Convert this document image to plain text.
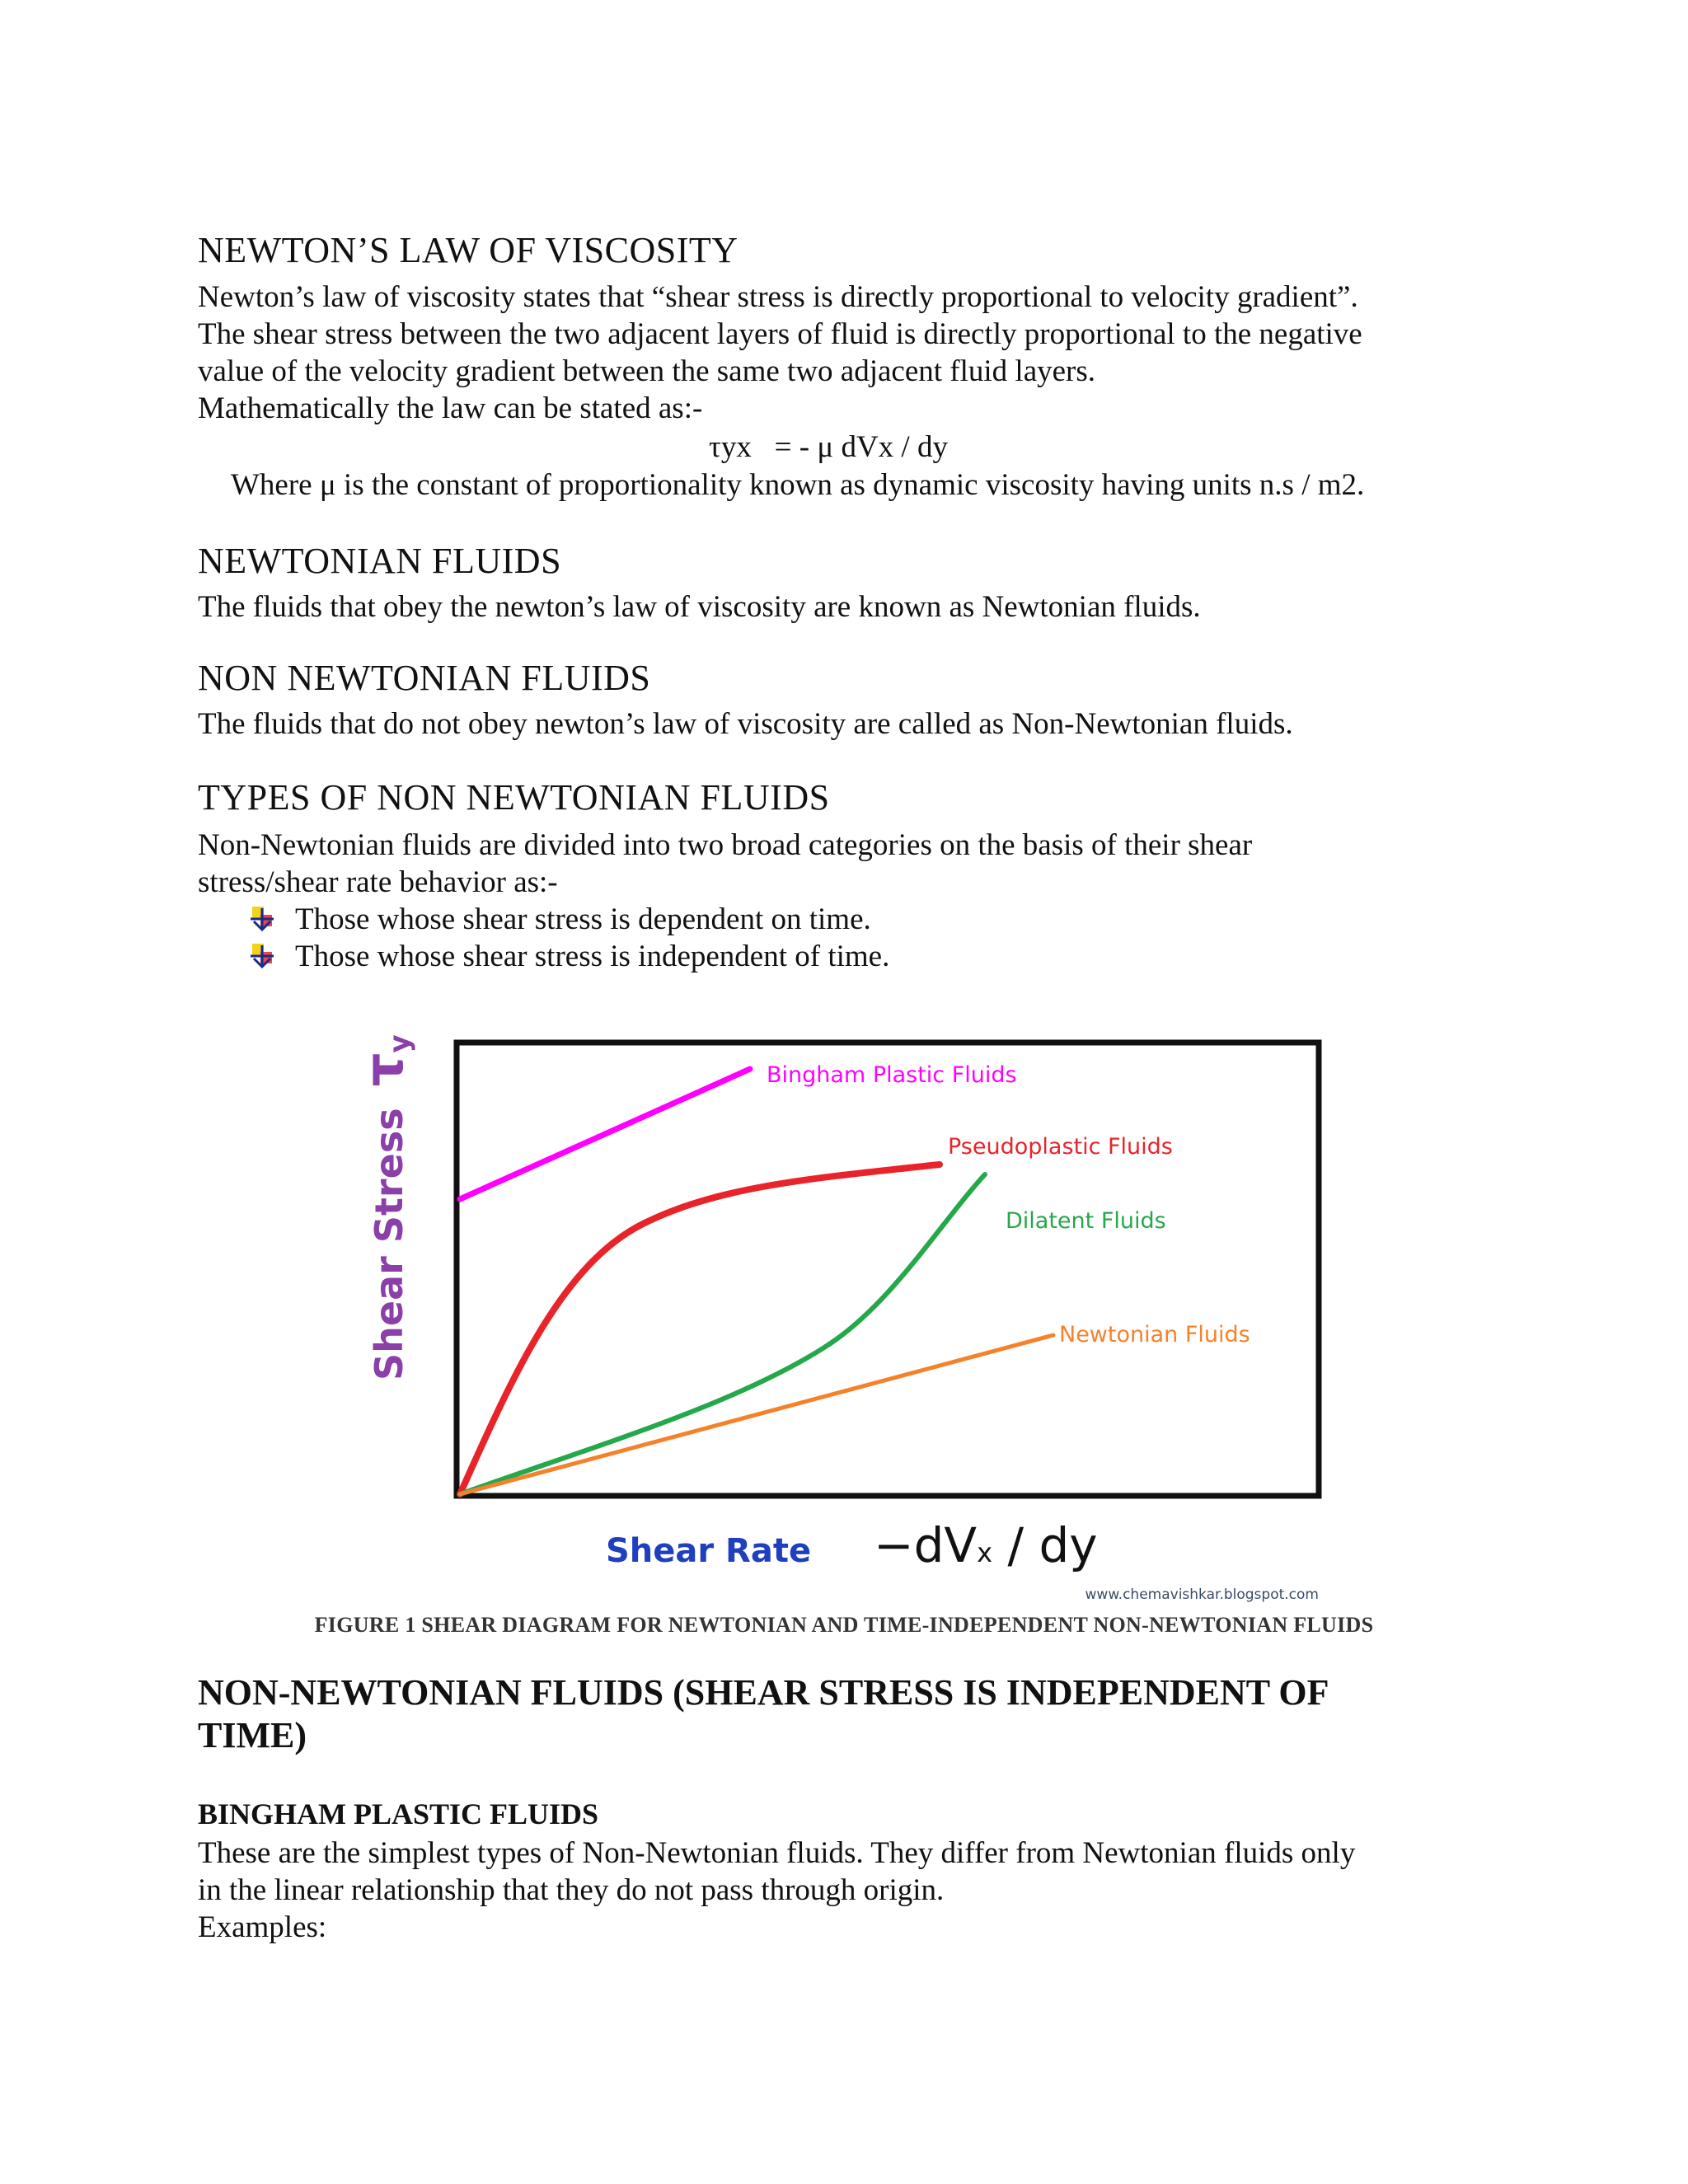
NEWTON’S LAW OF VISCOSITY

Newton’s law of viscosity states that “shear stress is directly proportional to velocity gradient”.

The shear stress between the two adjacent layers of fluid is directly proportional to the negative

value of the velocity gradient between the same two adjacent fluid layers.

Mathematically the law can be stated as:-

τyx   = - μ dVx / dy

Where μ is the constant of proportionality known as dynamic viscosity having units n.s / m2.

NEWTONIAN FLUIDS

The fluids that obey the newton’s law of viscosity are known as Newtonian fluids.

NON NEWTONIAN FLUIDS

The fluids that do not obey newton’s law of viscosity are called as Non-Newtonian fluids.

TYPES OF NON NEWTONIAN FLUIDS

Non-Newtonian fluids are divided into two broad categories on the basis of their shear

stress/shear rate behavior as:-

Those whose shear stress is dependent on time.
Those whose shear stress is independent of time.
Shear Stress τyx
Bingham Plastic Fluids
Pseudoplastic Fluids
Dilatent Fluids
Newtonian Fluids
Shear Rate −dVx / dy
www.chemavishkar.blogspot.com
FIGURE 1 SHEAR DIAGRAM FOR NEWTONIAN AND TIME-INDEPENDENT NON-NEWTONIAN FLUIDS
NON-NEWTONIAN FLUIDS (SHEAR STRESS IS INDEPENDENT OF
TIME)
BINGHAM PLASTIC FLUIDS

These are the simplest types of Non-Newtonian fluids. They differ from Newtonian fluids only

in the linear relationship that they do not pass through origin.

Examples:
